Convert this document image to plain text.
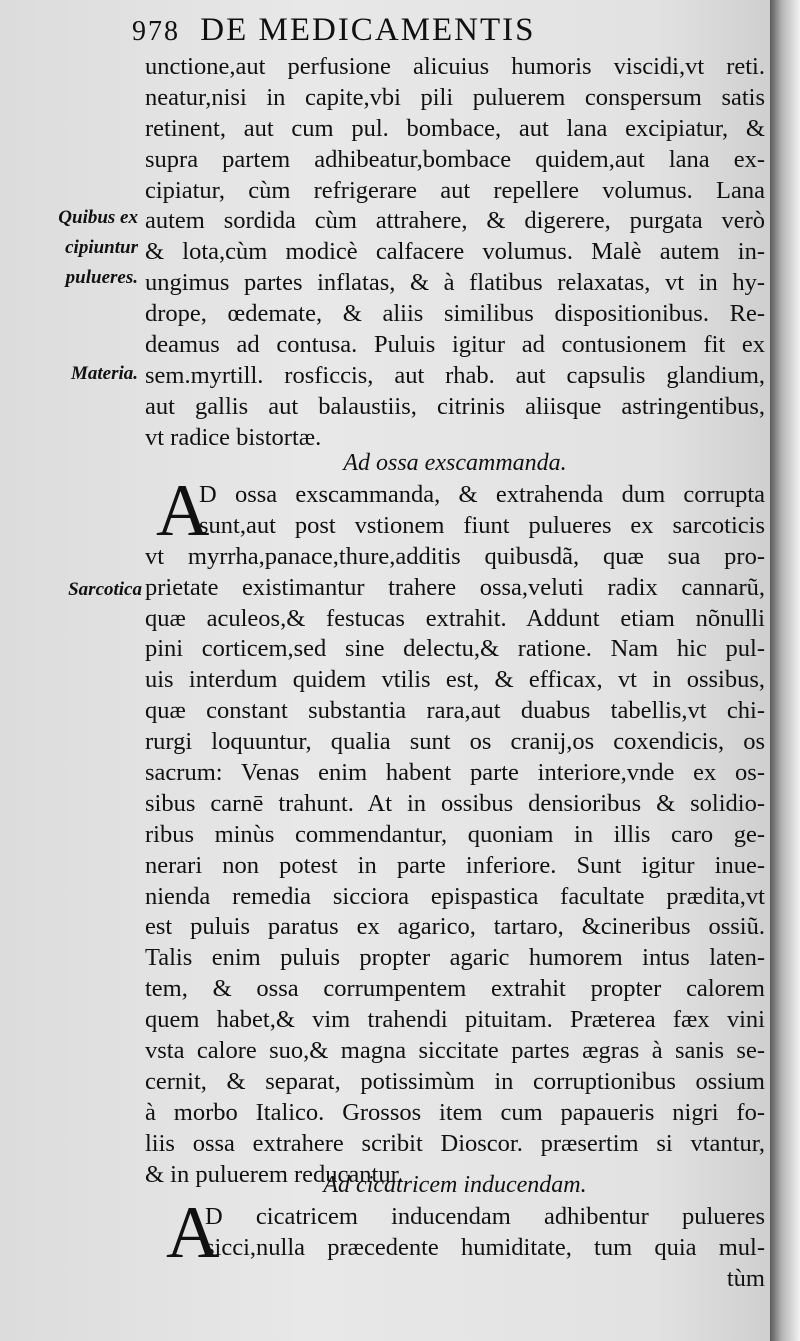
978 DE MEDICAMENTIS
unctione,aut perfusione alicuius humoris viscidi,vt reti.
neatur,nisi in capite,vbi pili puluerem conspersum satis
retinent, aut cum pul. bombace, aut lana excipiatur, &
supra partem adhibeatur,bombace quidem,aut lana ex-
cipiatur, cùm refrigerare aut repellere volumus. Lana
autem sordida cùm attrahere, & digerere, purgata verò
& lota,cùm modicè calfacere volumus. Malè autem in-
ungimus partes inflatas, & à flatibus relaxatas, vt in hy-
drope, œdemate, & aliis similibus dispositionibus. Re-
deamus ad contusa. Puluis igitur ad contusionem fit ex
sem.myrtill. rosficcis, aut rhab. aut capsulis glandium,
aut gallis aut balaustiis, citrinis aliisque astringentibus,
vt radice bistortæ.
Quibus ex
cipiuntur
pulueres.
Materia.
Sarcotica
Ad ossa exscammanda.
A
D ossa exscammanda, & extrahenda dum corrupta
sunt,aut post vstionem fiunt pulueres ex sarcoticis
vt myrrha,panace,thure,additis quibusdã, quæ sua pro-
prietate existimantur trahere ossa,veluti radix cannarũ,
quæ aculeos,& festucas extrahit. Addunt etiam nõnulli
pini corticem,sed sine delectu,& ratione. Nam hic pul-
uis interdum quidem vtilis est, & efficax, vt in ossibus,
quæ constant substantia rara,aut duabus tabellis,vt chi-
rurgi loquuntur, qualia sunt os cranij,os coxendicis, os
sacrum: Venas enim habent parte interiore,vnde ex os-
sibus carnē trahunt. At in ossibus densioribus & solidio-
ribus minùs commendantur, quoniam in illis caro ge-
nerari non potest in parte inferiore. Sunt igitur inue-
nienda remedia sicciora epispastica facultate prædita,vt
est puluis paratus ex agarico, tartaro, &cineribus ossiũ.
Talis enim puluis propter agaric humorem intus laten-
tem, & ossa corrumpentem extrahit propter calorem
quem habet,& vim trahendi pituitam. Præterea fæx vini
vsta calore suo,& magna siccitate partes ægras à sanis se-
cernit, & separat, potissimùm in corruptionibus ossium
à morbo Italico. Grossos item cum papaueris nigri fo-
liis ossa extrahere scribit Dioscor. præsertim si vtantur,
& in puluerem reducantur.
Ad cicatricem inducendam.
A
D cicatricem inducendam adhibentur pulueres
sicci,nulla præcedente humiditate, tum quia mul-
tùm
